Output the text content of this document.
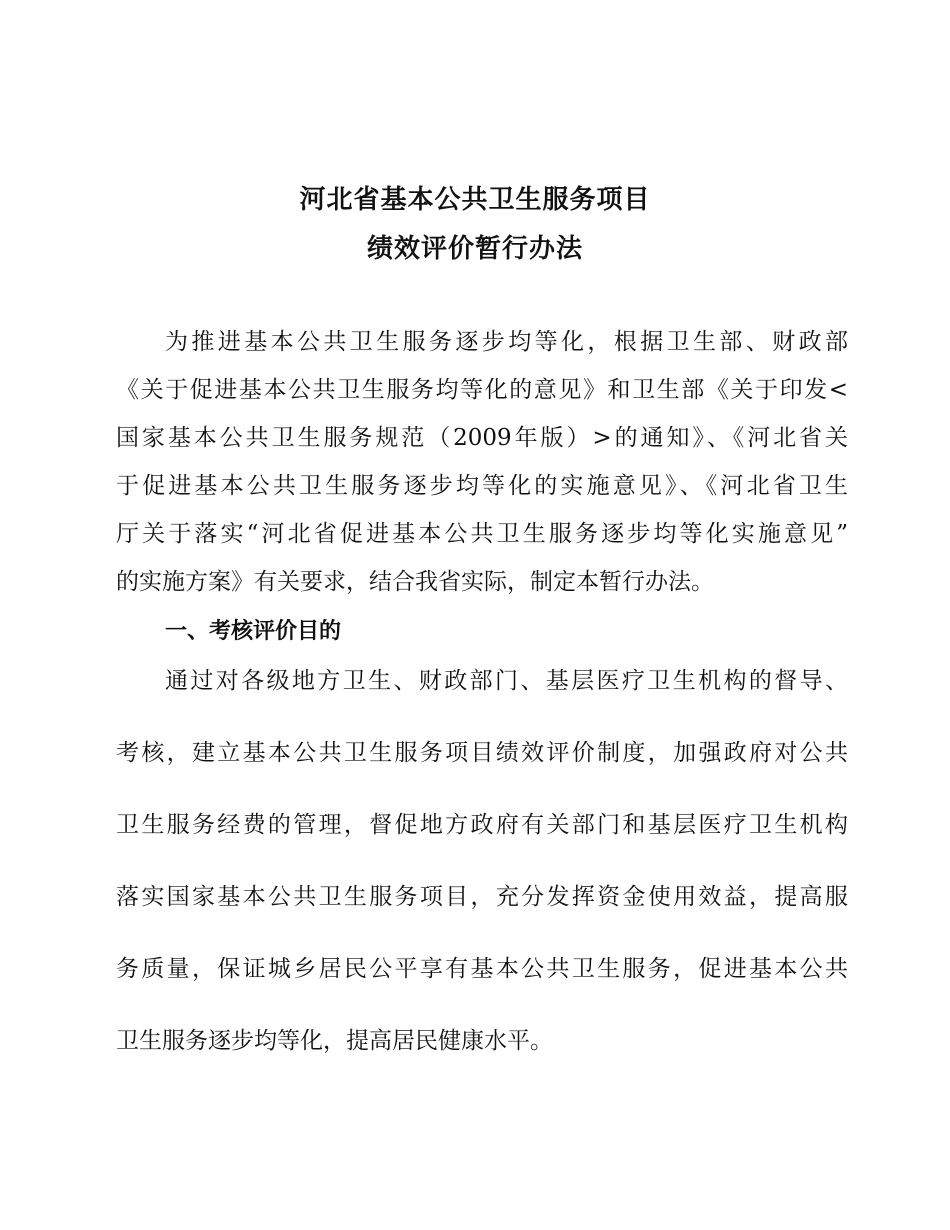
河北省基本公共卫生服务项目
绩效评价暂行办法
为推进基本公共卫生服务逐步均等化，根据卫生部、财政部
《关于促进基本公共卫生服务均等化的意见》和卫生部《关于印发<
国家基本公共卫生服务规范（2009年版）>的通知》、《河北省关
于促进基本公共卫生服务逐步均等化的实施意见》、《河北省卫生
厅关于落实“河北省促进基本公共卫生服务逐步均等化实施意见”
的实施方案》有关要求，结合我省实际，制定本暂行办法。
一、考核评价目的
通过对各级地方卫生、财政部门、基层医疗卫生机构的督导、
考核，建立基本公共卫生服务项目绩效评价制度，加强政府对公共
卫生服务经费的管理，督促地方政府有关部门和基层医疗卫生机构
落实国家基本公共卫生服务项目，充分发挥资金使用效益，提高服
务质量，保证城乡居民公平享有基本公共卫生服务，促进基本公共
卫生服务逐步均等化，提高居民健康水平。
